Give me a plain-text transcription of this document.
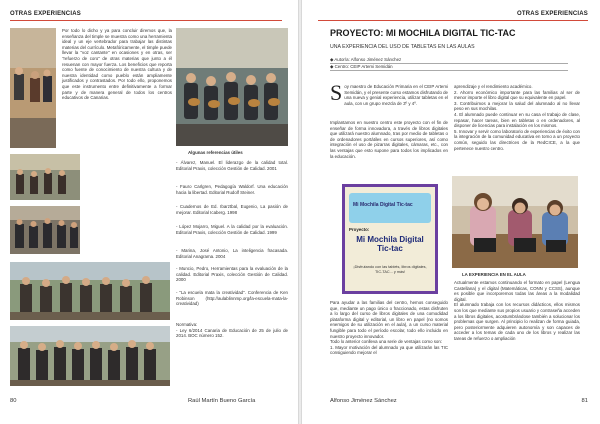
OTRAS EXPERIENCIAS
Por todo lo dicho y ya para concluir diremos que, la enseñanza del timple se muestra como una herramienta ideal y un eje vertebrador para trabajar las distintas materias del currículo. Metafóricamente, el timple puede llevar la "voz cantante" en ocasiones y en otras, ser "refuerzo de coro" de otras materias que junto a él resuenan con mayor fuerza. Los beneficios que reporta como fuente de conocimiento de nuestra cultura y de nuestra identidad como pueblo están ampliamente justificados y contrastados. Por todo ello, proponemos que este instrumento entre definitivamente a formar parte y de manera general de todos los centros educativos de Canarias.
Algunas referencias útiles
- Álvarez, Manuel. El liderazgo de la calidad total. Editorial Praxis, colección Gestión de Calidad. 2001
- Fauro Carlgren, Pedagogía Waldorf. Una educación hacia la libertad. Editorial Rudolf Steiner.
- Cuadernos de Ed. Ibarztbal, Eugenio, La pasión de mejorar. Editorial Icaberg. 1998
- López Mojarro, Miguel. A la calidad por la evaluación. Editorial Praxis, colección Gestión de Calidad. 1999
- Marina, José Antonio, La inteligencia fracasada. Editorial Anagrama. 2004
- Muncio, Pedro, Herramientas para la evaluación de la calidad. Editorial Praxis, colección Gestión de Calidad. 2000
- "La escuela mata la creatividad". Conferencia de Ken Robinson (http://aulablinnmp.org/la-escuela-mata-la-creatividad)
Normativa:
- Ley 6/2014 Canaria de Educación de 25 de julio de 2014. BOC número 152.
80	Raúl Martín Bueno García
OTRAS EXPERIENCIAS
PROYECTO: MI MOCHILA DIGITAL TIC-TAC
UNA EXPERIENCIA DEL USO DE TABLETAS EN LAS AULAS
◆ Autor/a: Alfonso Jiménez Sánchez
◆ Centro: CEIP Artemi Semidán
S oy maestro de Educación Primaria en el CEIP Artemi Semidán, y el presente curso estamos disfrutando de una nueva y genial experiencia, utilizar tabletas en el aula, con un grupo mezcla de 3º y 4º.

Implantamos en nuestro centro este proyecto con el fin de enseñar de forma innovadora, a través de libros digitales que utilizará nuestro alumnado, tras por medio de tabletas o de ordenadores portátiles en cursos superiores, así como integración el uso de pizarras digitales, cámaras, etc., con las ventajas que esto supone para todos los implicados en la educación.
Mi Mochila Digital Tic-tac
Proyecto:
Mi Mochila Digital Tic-tac
¡Disfrutando con las tablets, libros digitales, TIC-TAC... y más!
Para ayudar a las familias del centro, hemos conseguido que, mediante un pago único o fraccionado, estas disfruten a lo largo del curso de libros digitales de una comodidad plataforma digital y editorial, un libro en papel (no somos enemigos de su utilización en el aula), a un curso material fungible para todo el período escolar, todo ello incluido en nuestro proyecto innovador.
Todo lo anterior conlleva una serie de ventajas como son:
1. Mayor motivación del alumnado ya que utilizarán las TIC consiguiendo mejorar el
aprendizaje y el rendimiento académico.
2. Ahorro económico importante para las familias al ser de menor importe el libro digital que su equivalente en papel.
3. Contribuimos a mejorar la salud del alumnado al no llevar peso en sus mochilas.
4. El alumnado puede continuar en su casa el trabajo de clase, repasar, hacer tareas, bien en tabletas o en ordenadores, al disponer de licencias para instalación en los mismos.
5. Innovar y servir como laboratorio de experiencias de éxito con la integración de la comunidad educativa en torno a un proyecto común, seguido las directrices de la RedCICE, a la que pertenece nuestro centro.
LA EXPERIENCIA EN EL AULA
Actualmente estamos continuando el formato en papel (Lengua Castellana) y el digital (Matemáticas, CONN y CCSS), aunque es posible que incorporemos todas las áreas a la modalidad digital.
El alumnado trabaja con los recursos didácticos, ellos mismos son los que mediante sus propios usuario y contraseña acceden a los libros digitales, acostumbrándose también a solucionar los problemas que surgen. Al principio lo realizan de forma guiada, pero posteriormente adquieren autonomía y son capaces de acceder a los temas de cada uno de los libros y realizar las tareas de refuerzo o ampliación
Alfonso Jiménez Sánchez	81
